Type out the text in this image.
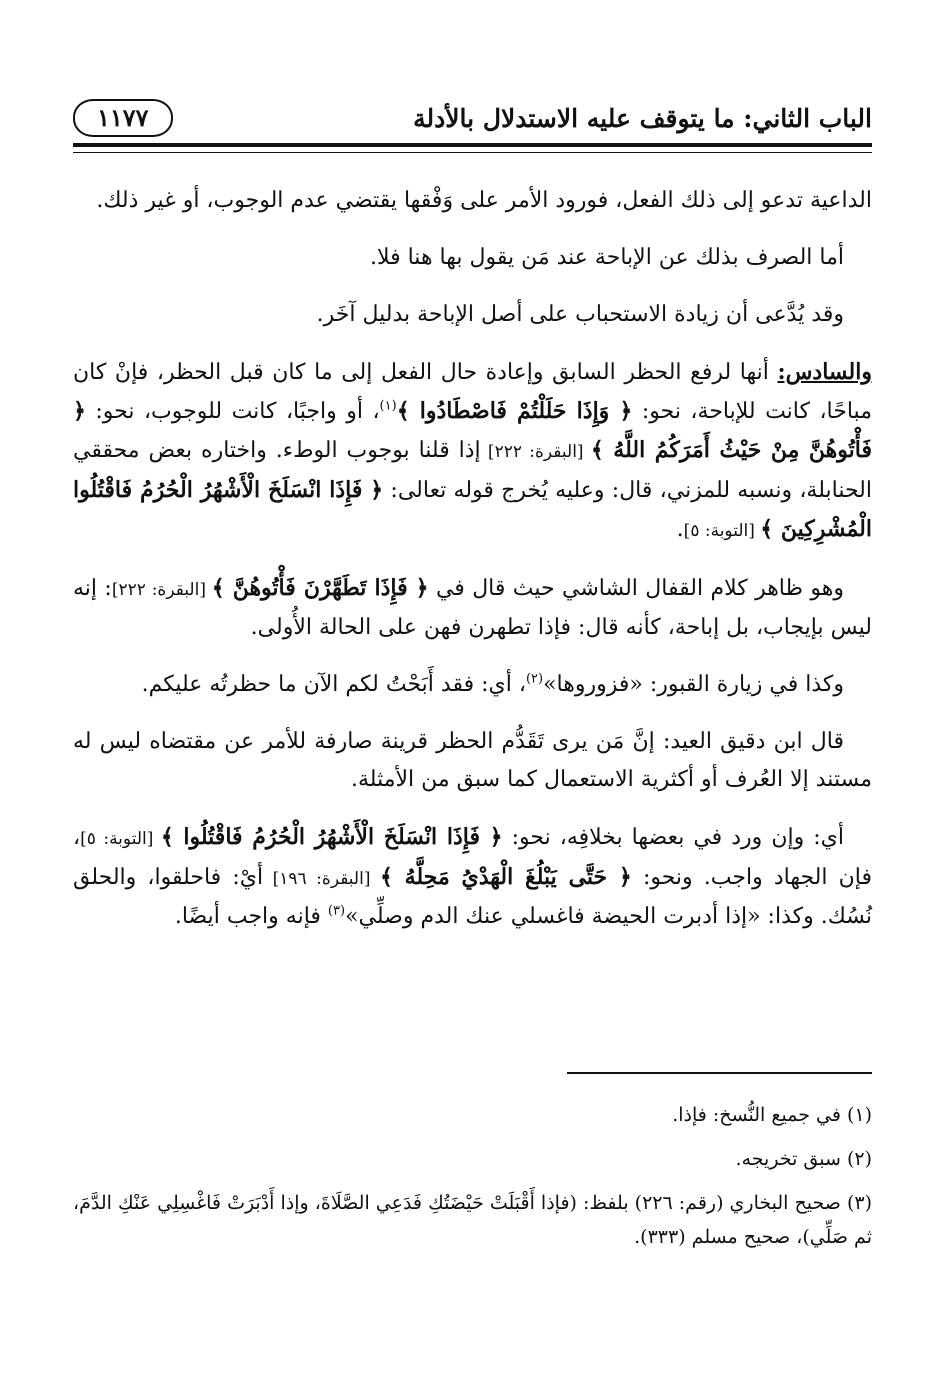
الباب الثاني: ما يتوقف عليه الاستدلال بالأدلة
١١٧٧

الداعية تدعو إلى ذلك الفعل، فورود الأمر على وَفْقها يقتضي عدم الوجوب، أو غير ذلك.

أما الصرف بذلك عن الإباحة عند مَن يقول بها هنا فلا.

وقد يُدَّعى أن زيادة الاستحباب على أصل الإباحة بدليل آخَر.

والسادس: أنها لرفع الحظر السابق وإعادة حال الفعل إلى ما كان قبل الحظر، فإنْ كان مباحًا، كانت للإباحة، نحو: ﴿ وَإِذَا حَلَلْتُمْ فَاصْطَادُوا ﴾$^{(١)}$، أو واجبًا، كانت للوجوب، نحو: ﴿ فَأْتُوهُنَّ مِنْ حَيْثُ أَمَرَكُمُ اللَّهُ ﴾ [البقرة: ٢٢٢] إذا قلنا بوجوب الوطء. واختاره بعض محققي الحنابلة، ونسبه للمزني، قال: وعليه يُخرج قوله تعالى: ﴿ فَإِذَا انْسَلَخَ الْأَشْهُرُ الْحُرُمُ فَاقْتُلُوا الْمُشْرِكِينَ ﴾ [التوبة: ٥].

وهو ظاهر كلام القفال الشاشي حيث قال في ﴿ فَإِذَا تَطَهَّرْنَ فَأْتُوهُنَّ ﴾ [البقرة: ٢٢٢]: إنه ليس بإيجاب، بل إباحة، كأنه قال: فإذا تطهرن فهن على الحالة الأُولى.

وكذا في زيارة القبور: «فزوروها»$^{(٢)}$، أي: فقد أَبَحْتُ لكم الآن ما حظرتُه عليكم.

قال ابن دقيق العيد: إنَّ مَن يرى تَقَدُّم الحظر قرينة صارفة للأمر عن مقتضاه ليس له مستند إلا العُرف أو أكثرية الاستعمال كما سبق من الأمثلة.

أي: وإن ورد في بعضها بخلافِه، نحو: ﴿ فَإِذَا انْسَلَخَ الْأَشْهُرُ الْحُرُمُ فَاقْتُلُوا ﴾ [التوبة: ٥]، فإن الجهاد واجب. ونحو: ﴿ حَتَّى يَبْلُغَ الْهَدْيُ مَحِلَّهُ ﴾ [البقرة: ١٩٦] أيْ: فاحلقوا، والحلق نُسُك. وكذا: «إذا أدبرت الحيضة فاغسلي عنك الدم وصلِّي»$^{(٣)}$ فإنه واجب أيضًا.

(١) في جميع النُّسخ: فإذا.

(٢) سبق تخريجه.

(٣) صحيح البخاري (رقم: ٢٢٦) بلفظ: (فإذا أَقْبَلَتْ حَيْضَتُكِ فَدَعِي الصَّلَاةَ، وإذا أَدْبَرَتْ فَاغْسِلِي عَنْكِ الدَّمَ، ثم صَلِّي)، صحيح مسلم (٣٣٣).
